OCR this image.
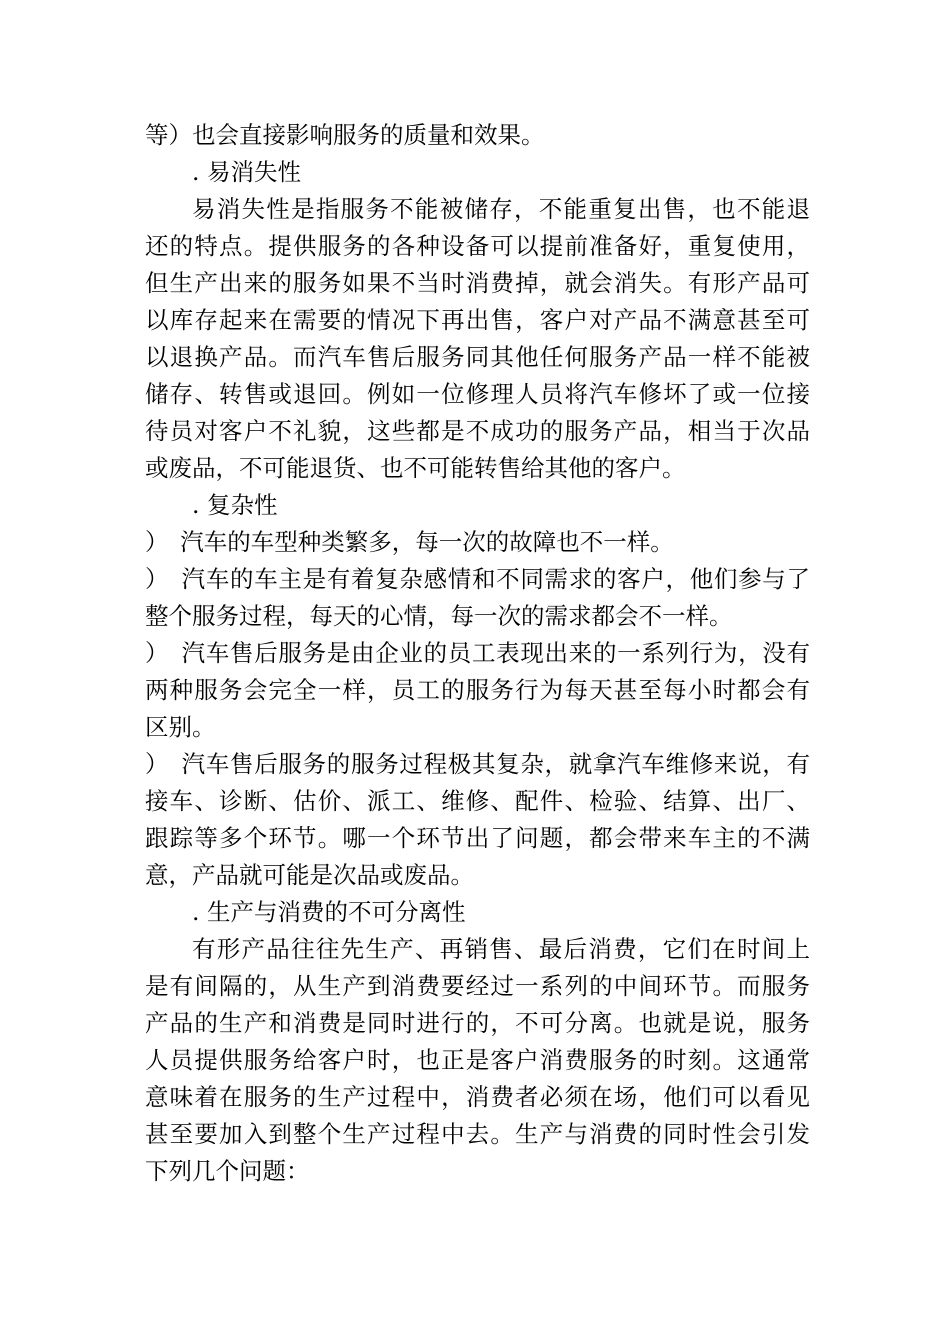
等）也会直接影响服务的质量和效果。
. 易消失性
易消失性是指服务不能被储存，不能重复出售，也不能退
还的特点。提供服务的各种设备可以提前准备好，重复使用，
但生产出来的服务如果不当时消费掉，就会消失。有形产品可
以库存起来在需要的情况下再出售，客户对产品不满意甚至可
以退换产品。而汽车售后服务同其他任何服务产品一样不能被
储存、转售或退回。例如一位修理人员将汽车修坏了或一位接
待员对客户不礼貌，这些都是不成功的服务产品，相当于次品
或废品，不可能退货、也不可能转售给其他的客户。
. 复杂性
）　汽车的车型种类繁多，每一次的故障也不一样。
）　汽车的车主是有着复杂感情和不同需求的客户，他们参与了
整个服务过程，每天的心情，每一次的需求都会不一样。
）　汽车售后服务是由企业的员工表现出来的一系列行为，没有
两种服务会完全一样，员工的服务行为每天甚至每小时都会有
区别。
）　汽车售后服务的服务过程极其复杂，就拿汽车维修来说，有
接车、诊断、估价、派工、维修、配件、检验、结算、出厂、
跟踪等多个环节。哪一个环节出了问题，都会带来车主的不满
意，产品就可能是次品或废品。
. 生产与消费的不可分离性
有形产品往往先生产、再销售、最后消费，它们在时间上
是有间隔的，从生产到消费要经过一系列的中间环节。而服务
产品的生产和消费是同时进行的，不可分离。也就是说，服务
人员提供服务给客户时，也正是客户消费服务的时刻。这通常
意味着在服务的生产过程中，消费者必须在场，他们可以看见
甚至要加入到整个生产过程中去。生产与消费的同时性会引发
下列几个问题：
